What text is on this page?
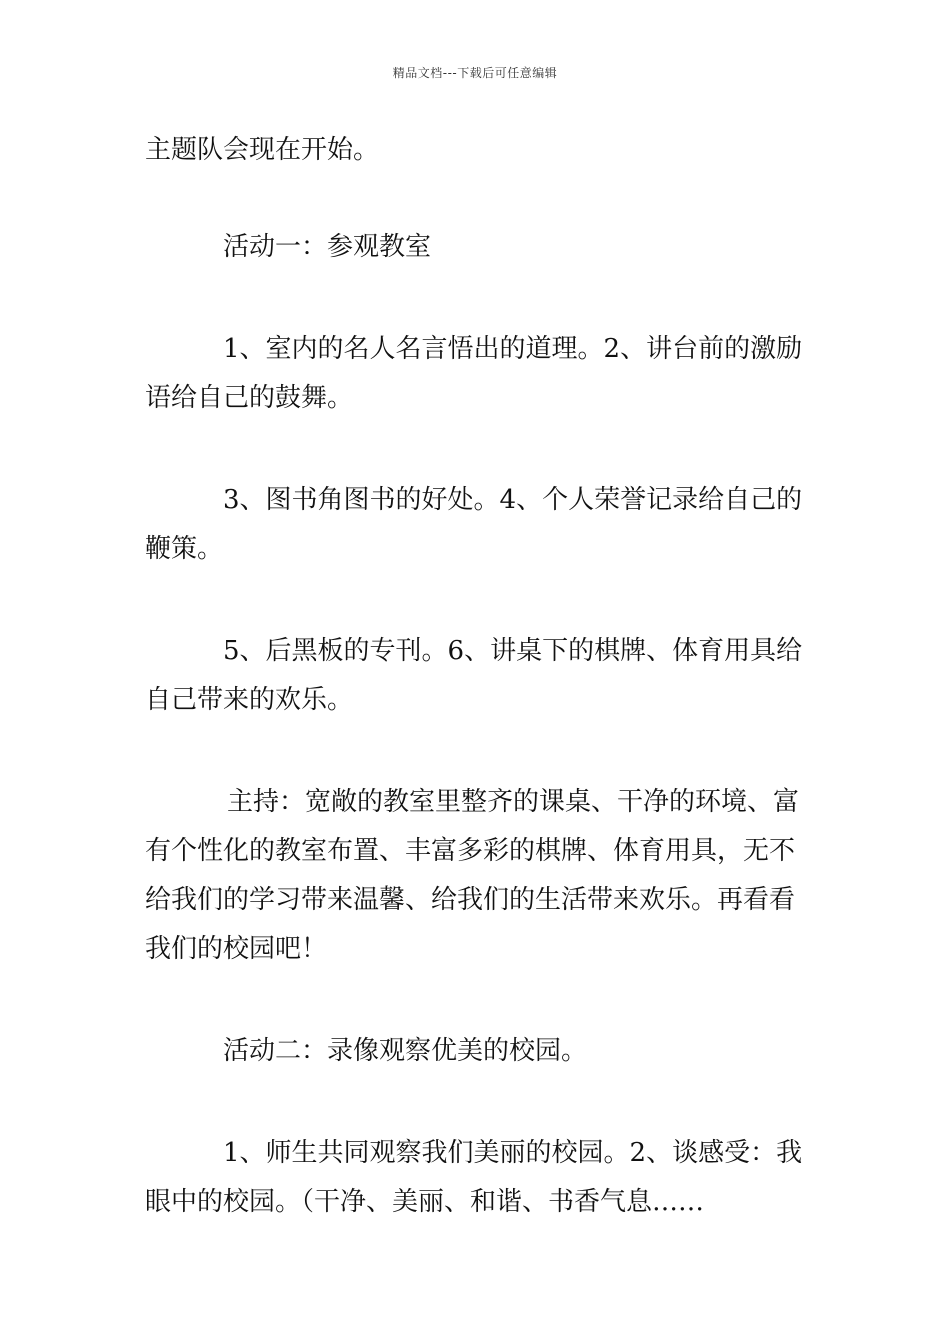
精品文档---下载后可任意编辑
主题队会现在开始。
活动一：参观教室
1、室内的名人名言悟出的道理。2、讲台前的激励
语给自己的鼓舞。
3、图书角图书的好处。4、个人荣誉记录给自己的
鞭策。
5、后黑板的专刊。6、讲桌下的棋牌、体育用具给
自己带来的欢乐。
主持：宽敞的教室里整齐的课桌、干净的环境、富
有个性化的教室布置、丰富多彩的棋牌、体育用具，无不
给我们的学习带来温馨、给我们的生活带来欢乐。再看看
我们的校园吧！
活动二：录像观察优美的校园。
1、师生共同观察我们美丽的校园。2、谈感受：我
眼中的校园。（干净、美丽、和谐、书香气息……
